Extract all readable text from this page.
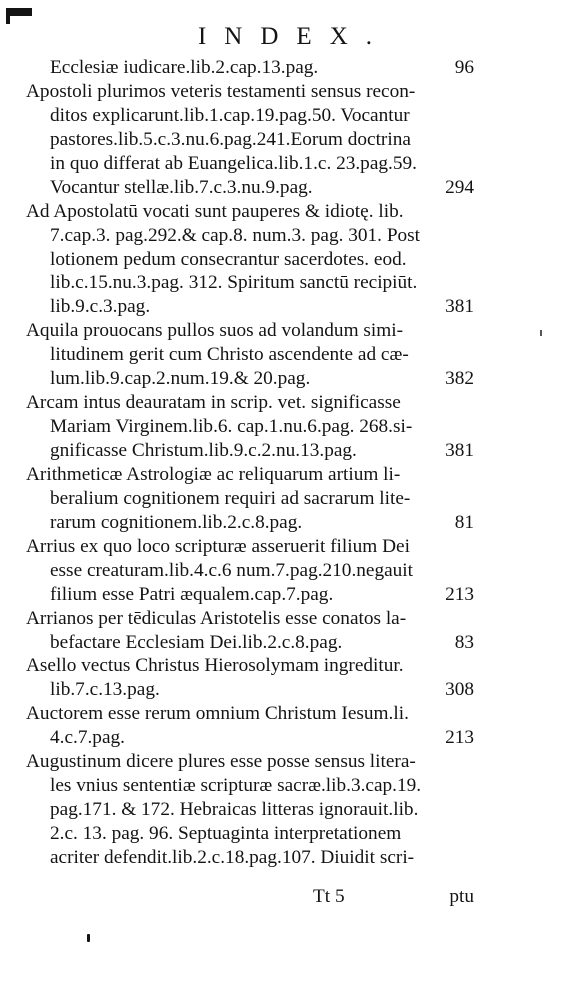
INDEX.
Ecclesiæ iudicare.lib.2.cap.13.pag.	96
Apostoli plurimos veteris testamenti sensus recon-
ditos explicarunt.lib.1.cap.19.pag.50. Vocantur
pastores.lib.5.c.3.nu.6.pag.241.Eorum doctrina
in quo differat ab Euangelica.lib.1.c. 23.pag.59.
Vocantur stellæ.lib.7.c.3.nu.9.pag.	294
Ad Apostolatū vocati sunt pauperes & idiotę. lib.
7.cap.3. pag.292.& cap.8. num.3. pag. 301. Post
lotionem pedum consecrantur sacerdotes. eod.
lib.c.15.nu.3.pag. 312. Spiritum sanctū recipiūt.
lib.9.c.3.pag.	381
Aquila prouocans pullos suos ad volandum simi-
litudinem gerit cum Christo ascendente ad cæ-
lum.lib.9.cap.2.num.19.& 20.pag.	382
Arcam intus deauratam in scrip. vet. significasse
Mariam Virginem.lib.6. cap.1.nu.6.pag. 268.si-
gnificasse Christum.lib.9.c.2.nu.13.pag.	381
Arithmeticæ Astrologiæ ac reliquarum artium li-
beralium cognitionem requiri ad sacrarum lite-
rarum cognitionem.lib.2.c.8.pag.	81
Arrius ex quo loco scripturæ asseruerit filium Dei
esse creaturam.lib.4.c.6 num.7.pag.210.negauit
filium esse Patri æqualem.cap.7.pag.	213
Arrianos per tēdiculas Aristotelis esse conatos la-
befactare Ecclesiam Dei.lib.2.c.8.pag.	83
Asello vectus Christus Hierosolymam ingreditur.
lib.7.c.13.pag.	308
Auctorem esse rerum omnium Christum Iesum.li.
4.c.7.pag.	213
Augustinum dicere plures esse posse sensus litera-
les vnius sententiæ scripturæ sacræ.lib.3.cap.19.
pag.171. & 172. Hebraicas litteras ignorauit.lib.
2.c. 13. pag. 96. Septuaginta interpretationem
acriter defendit.lib.2.c.18.pag.107. Diuidit scri-
Tt 5	ptu
